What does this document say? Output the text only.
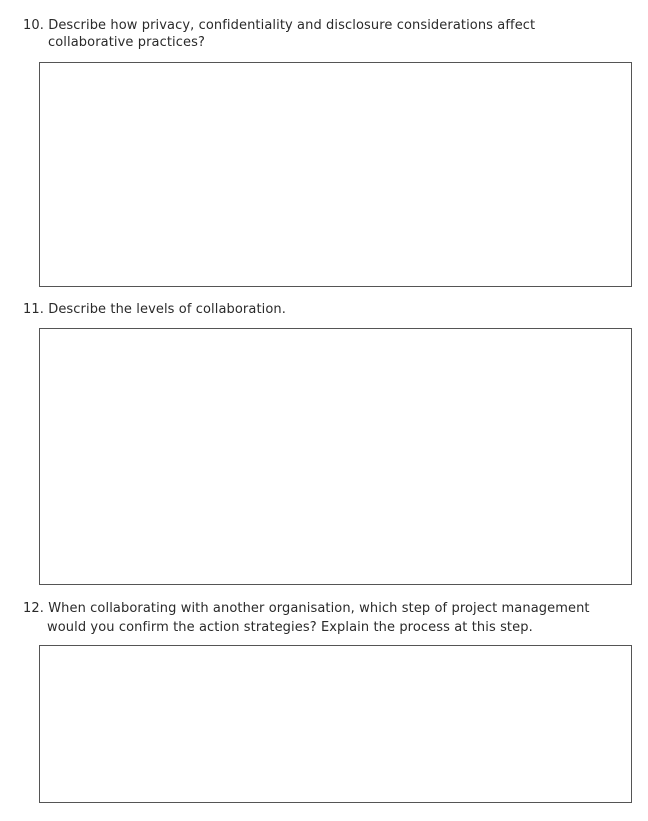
10. Describe how privacy, confidentiality and disclosure considerations affect
collaborative practices?
11. Describe the levels of collaboration.
12. When collaborating with another organisation, which step of project management
would you confirm the action strategies? Explain the process at this step.
